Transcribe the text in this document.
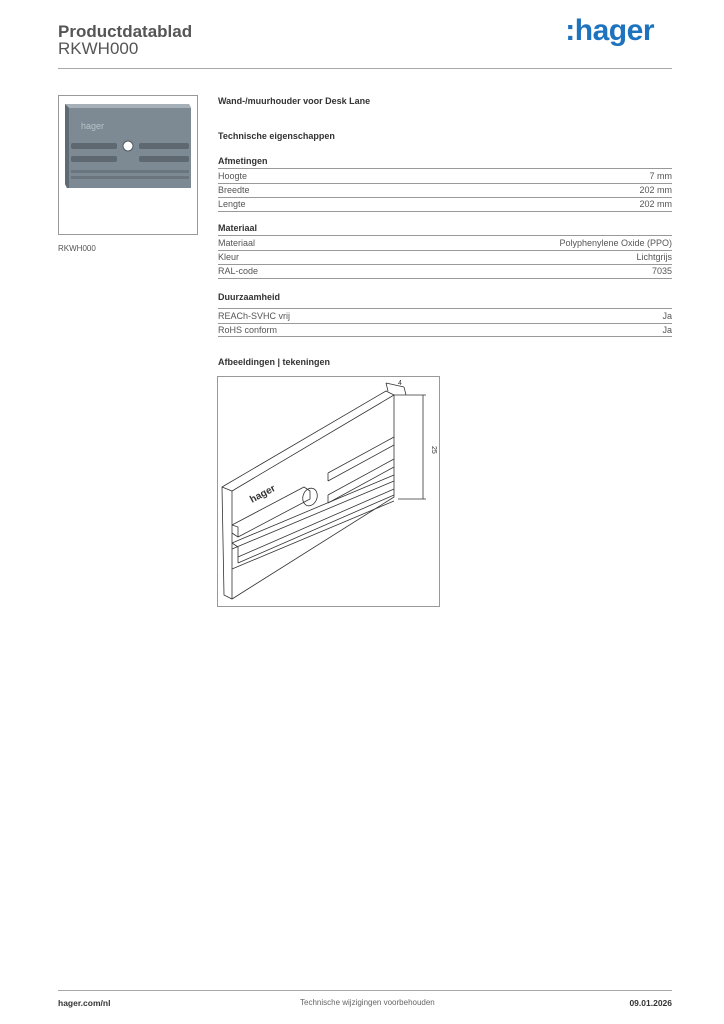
Productdatablad
RKWH000
:hager
hager
RKWH000
Wand-/muurhouder voor Desk Lane
Technische eigenschappen
Afmetingen
Hoogte	7 mm
Breedte	202 mm
Lengte	202 mm
Materiaal
Materiaal	Polyphenylene Oxide (PPO)
Kleur	Lichtgrijs
RAL-code	7035
Duurzaamheid
REACh-SVHC vrij	Ja
RoHS conform	Ja
Afbeeldingen | tekeningen
4
25
hager
hager.com/nl	Technische wijzigingen voorbehouden	09.01.2026
